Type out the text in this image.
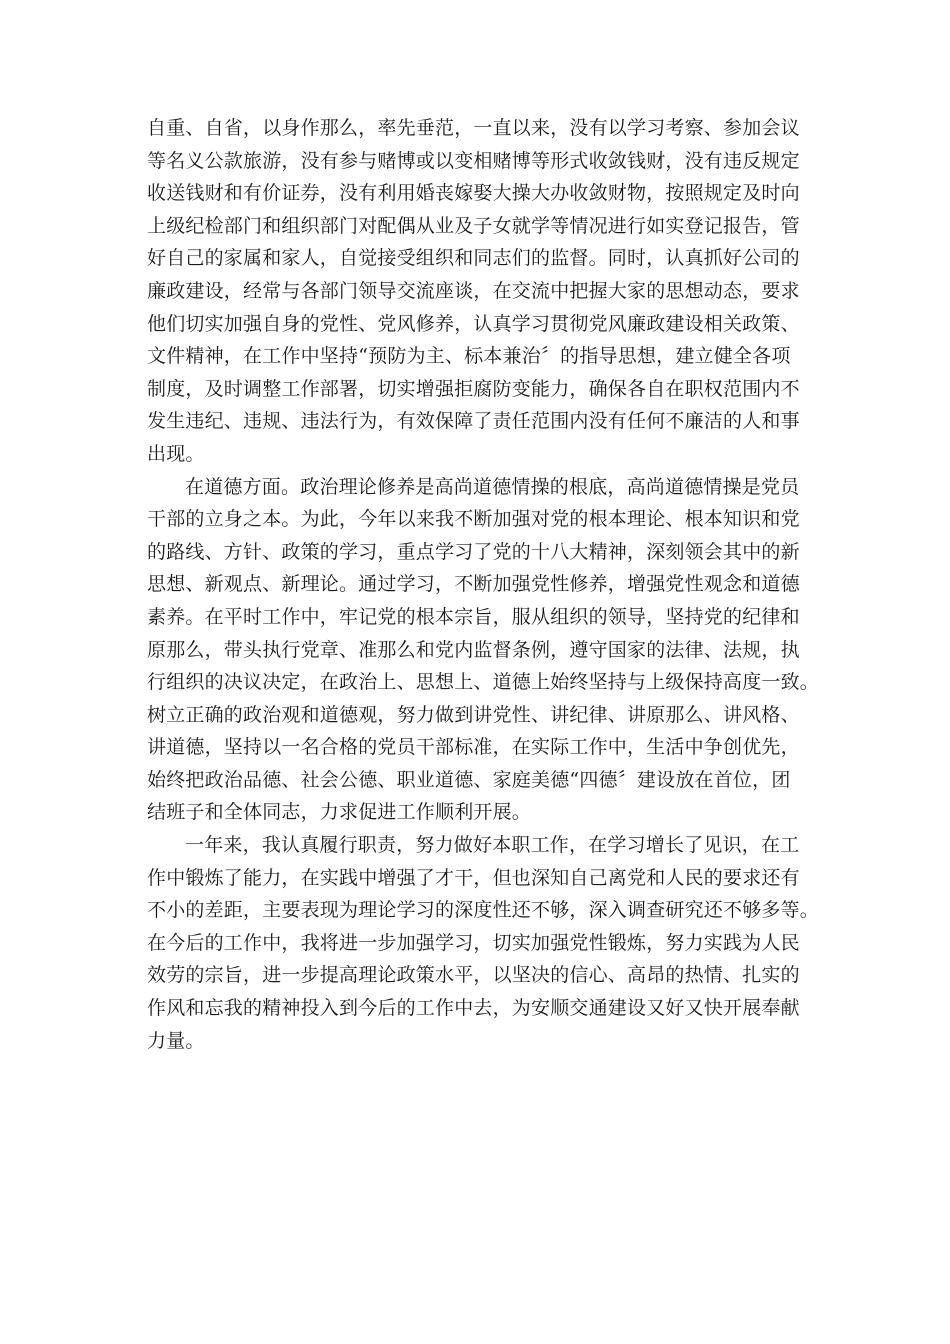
自重、自省，以身作那么，率先垂范，一直以来，没有以学习考察、参加会议
等名义公款旅游，没有参与赌博或以变相赌博等形式收敛钱财，没有违反规定
收送钱财和有价证券，没有利用婚丧嫁娶大操大办收敛财物，按照规定及时向
上级纪检部门和组织部门对配偶从业及子女就学等情况进行如实登记报告，管
好自己的家属和家人，自觉接受组织和同志们的监督。同时，认真抓好公司的
廉政建设，经常与各部门领导交流座谈，在交流中把握大家的思想动态，要求
他们切实加强自身的党性、党风修养，认真学习贯彻党风廉政建设相关政策、
文件精神，在工作中坚持“预防为主、标本兼治〞的指导思想，建立健全各项
制度，及时调整工作部署，切实增强拒腐防变能力，确保各自在职权范围内不
发生违纪、违规、违法行为，有效保障了责任范围内没有任何不廉洁的人和事
出现。
在道德方面。政治理论修养是高尚道德情操的根底，高尚道德情操是党员
干部的立身之本。为此，今年以来我不断加强对党的根本理论、根本知识和党
的路线、方针、政策的学习，重点学习了党的十八大精神，深刻领会其中的新
思想、新观点、新理论。通过学习，不断加强党性修养，增强党性观念和道德
素养。在平时工作中，牢记党的根本宗旨，服从组织的领导，坚持党的纪律和
原那么，带头执行党章、准那么和党内监督条例，遵守国家的法律、法规，执
行组织的决议决定，在政治上、思想上、道德上始终坚持与上级保持高度一致。
树立正确的政治观和道德观，努力做到讲党性、讲纪律、讲原那么、讲风格、
讲道德，坚持以一名合格的党员干部标准，在实际工作中，生活中争创优先，
始终把政治品德、社会公德、职业道德、家庭美德“四德〞建设放在首位，团
结班子和全体同志，力求促进工作顺利开展。
一年来，我认真履行职责，努力做好本职工作，在学习增长了见识，在工
作中锻炼了能力，在实践中增强了才干，但也深知自己离党和人民的要求还有
不小的差距，主要表现为理论学习的深度性还不够，深入调查研究还不够多等。
在今后的工作中，我将进一步加强学习，切实加强党性锻炼，努力实践为人民
效劳的宗旨，进一步提高理论政策水平，以坚决的信心、高昂的热情、扎实的
作风和忘我的精神投入到今后的工作中去，为安顺交通建设又好又快开展奉献
力量。
